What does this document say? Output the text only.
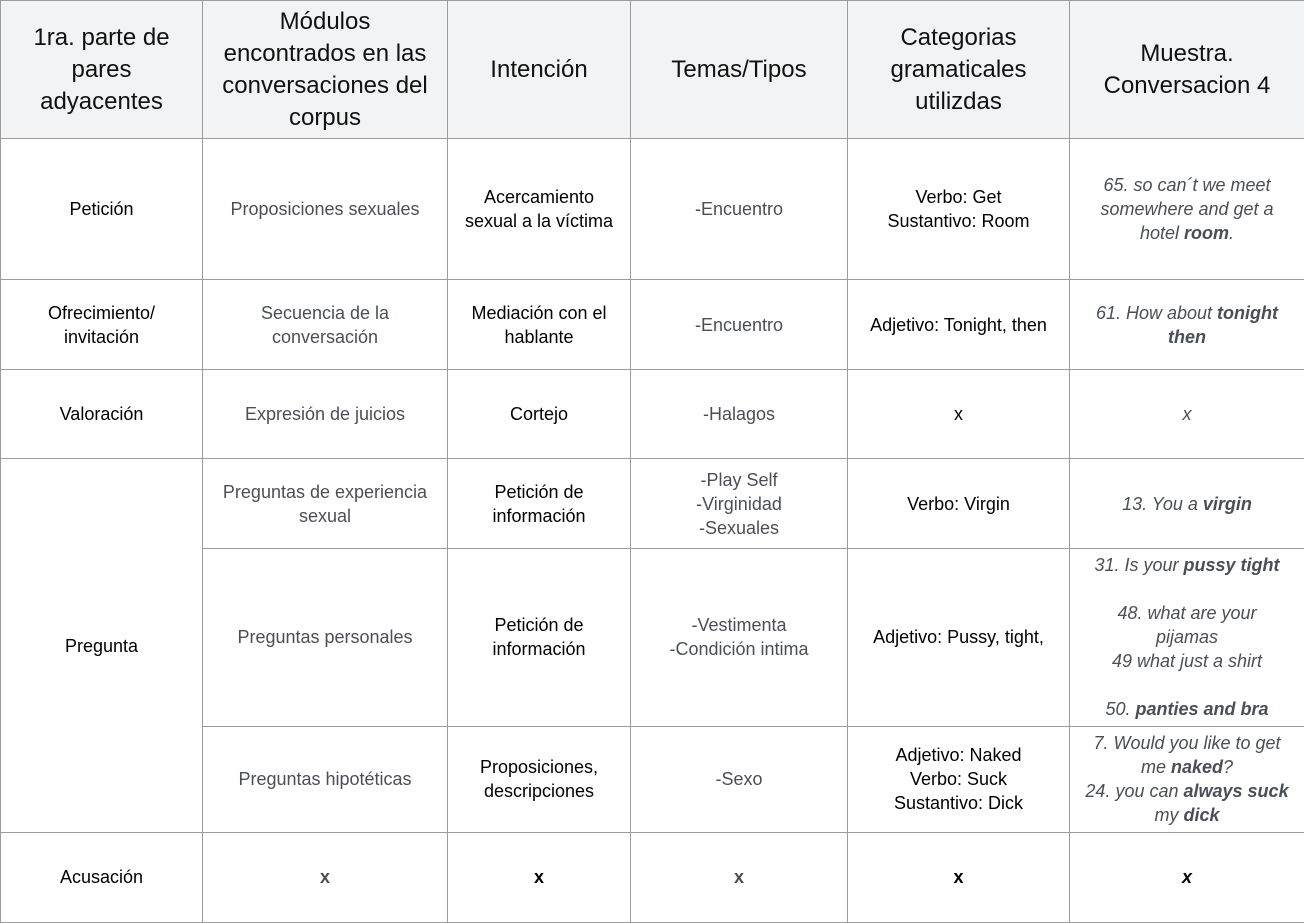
1ra. parte de
pares
adyacentes	Módulos
encontrados en las
conversaciones del
corpus	Intención	Temas/Tipos	Categorias
gramaticales
utilizdas	Muestra.
Conversacion 4

Petición	Proposiciones sexuales	Acercamiento
sexual a la víctima	-Encuentro	Verbo: Get
Sustantivo: Room	65. so can´t we meet
somewhere and get a
hotel room.

Ofrecimiento/
invitación	Secuencia de la
conversación	Mediación con el
hablante	-Encuentro	Adjetivo: Tonight, then	61. How about tonight
then

Valoración	Expresión de juicios	Cortejo	-Halagos	x	x
Pregunta	Preguntas de experiencia
sexual	Petición de
información	-Play Self
-Virginidad
-Sexuales	Verbo: Virgin	13. You a virgin

	Preguntas personales	Petición de
información	-Vestimenta
-Condición intima	Adjetivo: Pussy, tight,	31. Is your pussy tight
48. what are your
pijamas
49 what just a shirt
50. panties and bra

	Preguntas hipotéticas	Proposiciones,
descripciones	-Sexo	Adjetivo: Naked
Verbo: Suck
Sustantivo: Dick	7. Would you like to get
me naked?
24. you can always suck
my dick

Acusación	x	x	x	x	x
